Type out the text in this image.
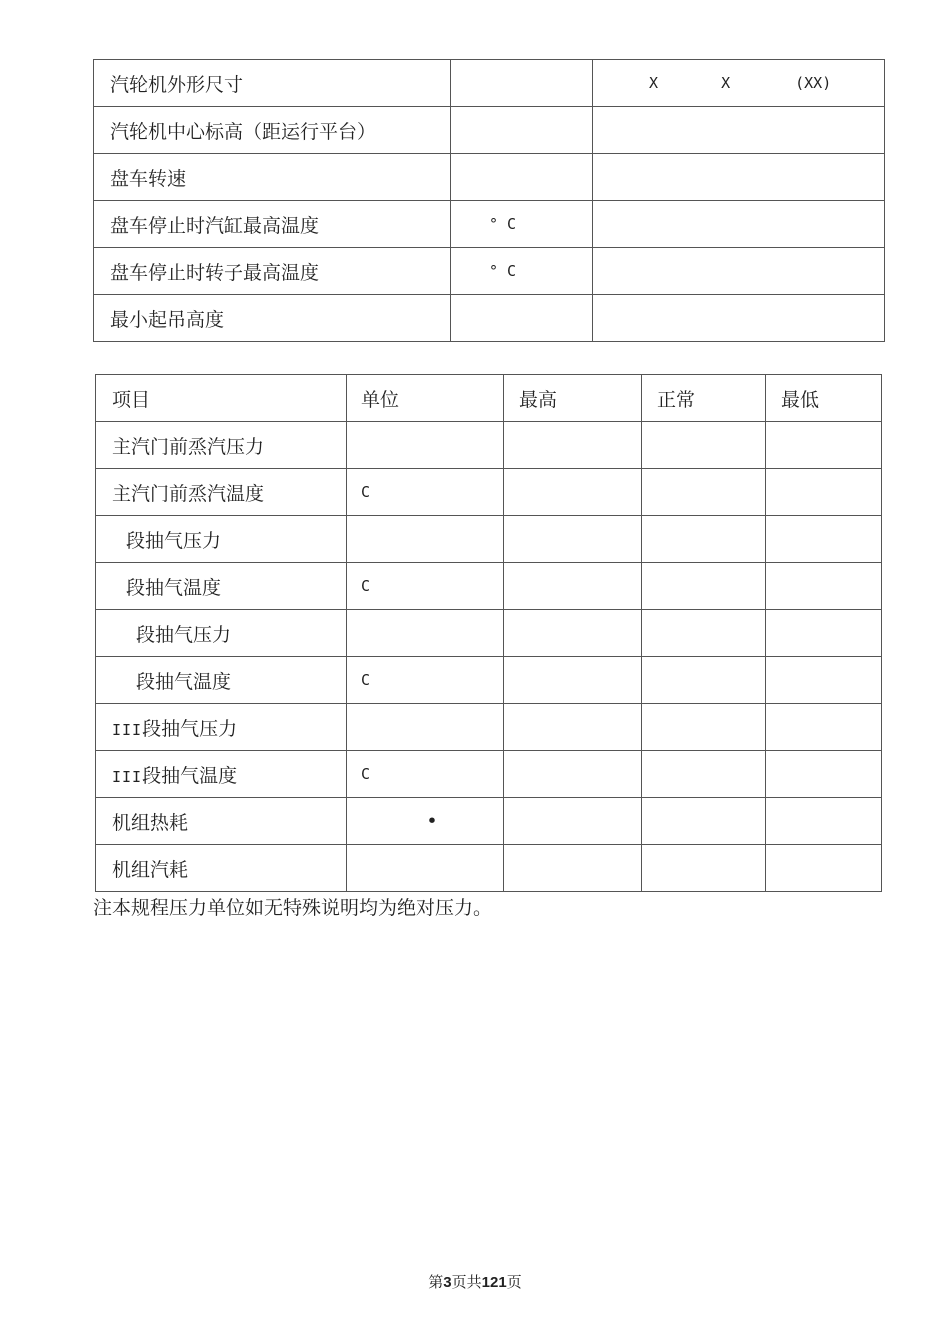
汽轮机外形尺寸		X X (XX)
汽轮机中心标高（距运行平台）		
盘车转速		
盘车停止时汽缸最高温度	° C	
盘车停止时转子最高温度	° C	
最小起吊高度		
项目	单位	最高	正常	最低
主汽门前烝汽压力				
主汽门前烝汽温度	C			
段抽气压力				
段抽气温度	C			
段抽气压力				
段抽气温度	C			
III段抽气压力				
III段抽气温度	C			
机组热耗	•			
机组汽耗				
注本规程压力单位如无特殊说明均为绝对压力。
第3页共121页
